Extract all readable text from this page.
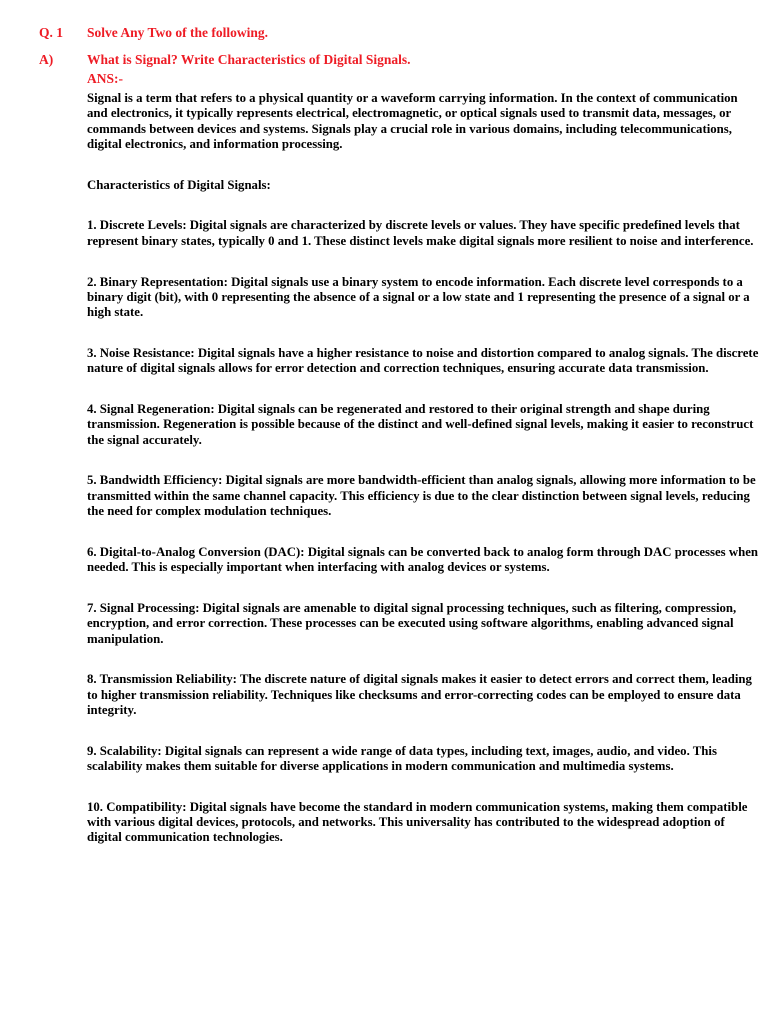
Q. 1 Solve Any Two of the following.
A)	What is Signal? Write Characteristics of Digital Signals.
ANS:-

Signal is a term that refers to a physical quantity or a waveform carrying information. In the context of communication and electronics, it typically represents electrical, electromagnetic, or optical signals used to transmit data, messages, or commands between devices and systems. Signals play a crucial role in various domains, including telecommunications, digital electronics, and information processing.

Characteristics of Digital Signals:

1. Discrete Levels: Digital signals are characterized by discrete levels or values. They have specific predefined levels that represent binary states, typically 0 and 1. These distinct levels make digital signals more resilient to noise and interference.

2. Binary Representation: Digital signals use a binary system to encode information. Each discrete level corresponds to a binary digit (bit), with 0 representing the absence of a signal or a low state and 1 representing the presence of a signal or a high state.

3. Noise Resistance: Digital signals have a higher resistance to noise and distortion compared to analog signals. The discrete nature of digital signals allows for error detection and correction techniques, ensuring accurate data transmission.

4. Signal Regeneration: Digital signals can be regenerated and restored to their original strength and shape during transmission. Regeneration is possible because of the distinct and well-defined signal levels, making it easier to reconstruct the signal accurately.

5. Bandwidth Efficiency: Digital signals are more bandwidth-efficient than analog signals, allowing more information to be transmitted within the same channel capacity. This efficiency is due to the clear distinction between signal levels, reducing the need for complex modulation techniques.

6. Digital-to-Analog Conversion (DAC): Digital signals can be converted back to analog form through DAC processes when needed. This is especially important when interfacing with analog devices or systems.

7. Signal Processing: Digital signals are amenable to digital signal processing techniques, such as filtering, compression, encryption, and error correction. These processes can be executed using software algorithms, enabling advanced signal manipulation.

8. Transmission Reliability: The discrete nature of digital signals makes it easier to detect errors and correct them, leading to higher transmission reliability. Techniques like checksums and error-correcting codes can be employed to ensure data integrity.

9. Scalability: Digital signals can represent a wide range of data types, including text, images, audio, and video. This scalability makes them suitable for diverse applications in modern communication and multimedia systems.

10. Compatibility: Digital signals have become the standard in modern communication systems, making them compatible with various digital devices, protocols, and networks. This universality has contributed to the widespread adoption of digital communication technologies.
